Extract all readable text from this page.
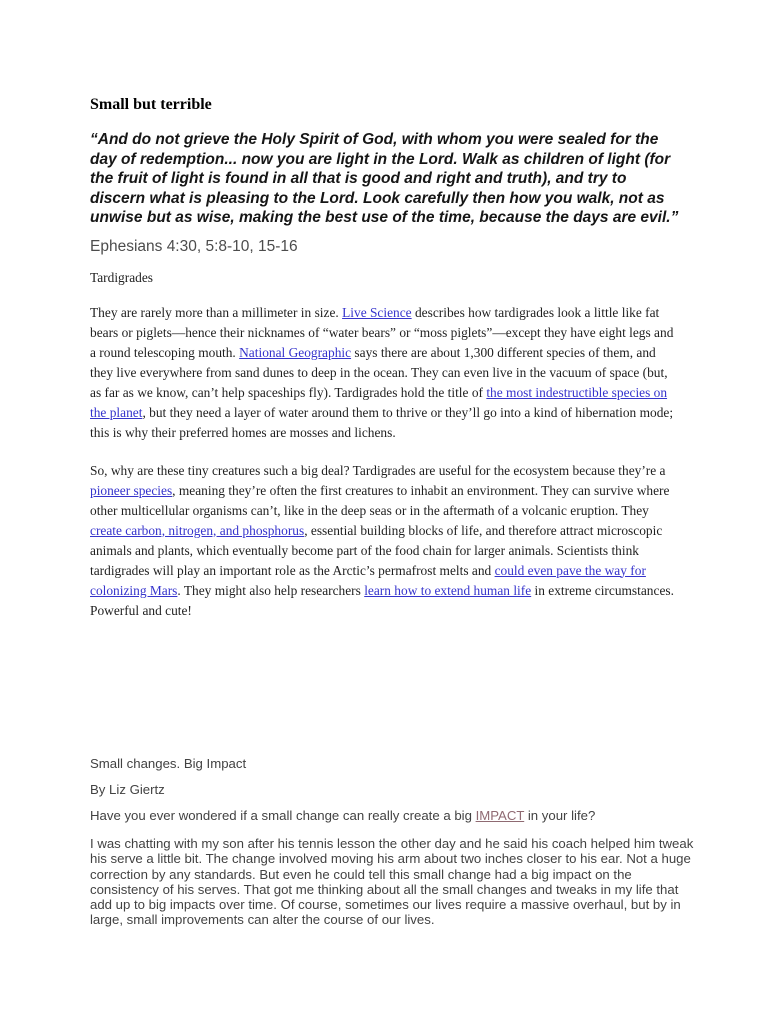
Small but terrible

“And do not grieve the Holy Spirit of God, with whom you were sealed for the day of redemption... now you are light in the Lord. Walk as children of light (for the fruit of light is found in all that is good and right and truth), and try to discern what is pleasing to the Lord. Look carefully then how you walk, not as unwise but as wise, making the best use of the time, because the days are evil.”

Ephesians 4:30, 5:8-10, 15-16

Tardigrades

They are rarely more than a millimeter in size. Live Science describes how tardigrades look a little like fat bears or piglets—hence their nicknames of “water bears” or “moss piglets”—except they have eight legs and a round telescoping mouth. National Geographic says there are about 1,300 different species of them, and they live everywhere from sand dunes to deep in the ocean. They can even live in the vacuum of space (but, as far as we know, can’t help spaceships fly). Tardigrades hold the title of the most indestructible species on the planet, but they need a layer of water around them to thrive or they’ll go into a kind of hibernation mode; this is why their preferred homes are mosses and lichens.

So, why are these tiny creatures such a big deal? Tardigrades are useful for the ecosystem because they’re a pioneer species, meaning they’re often the first creatures to inhabit an environment. They can survive where other multicellular organisms can’t, like in the deep seas or in the aftermath of a volcanic eruption. They create carbon, nitrogen, and phosphorus, essential building blocks of life, and therefore attract microscopic animals and plants, which eventually become part of the food chain for larger animals. Scientists think tardigrades will play an important role as the Arctic’s permafrost melts and could even pave the way for colonizing Mars. They might also help researchers learn how to extend human life in extreme circumstances. Powerful and cute!

Small changes. Big Impact

By Liz Giertz

Have you ever wondered if a small change can really create a big IMPACT in your life?

I was chatting with my son after his tennis lesson the other day and he said his coach helped him tweak his serve a little bit. The change involved moving his arm about two inches closer to his ear. Not a huge correction by any standards. But even he could tell this small change had a big impact on the consistency of his serves. That got me thinking about all the small changes and tweaks in my life that add up to big impacts over time. Of course, sometimes our lives require a massive overhaul, but by in large, small improvements can alter the course of our lives.
